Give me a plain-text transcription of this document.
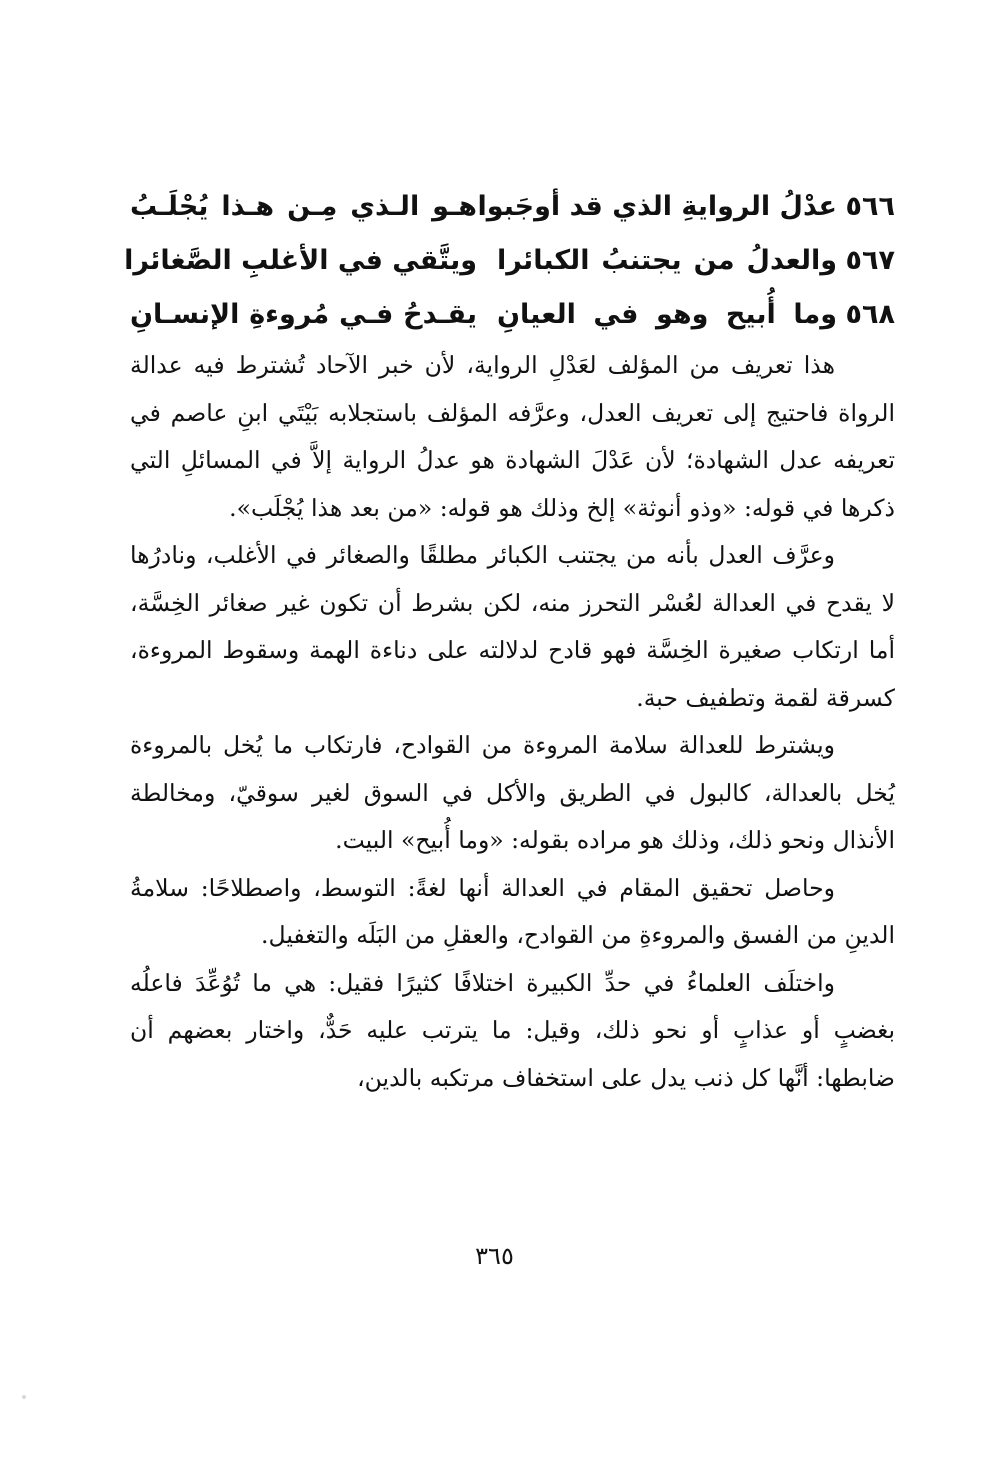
٥٦٦
عدْلُ الروايةِ الذي قد أوجَبوا
هـو الـذي مِـن هـذا يُجْلَـبُ
٥٦٧
والعدلُ من يجتنبُ الكبائرا
ويتَّقي في الأغلبِ الصَّغائرا
٥٦٨
وما أُبيح وهو في العيانِ
يقـدحُ فـي مُروءةِ الإنسـانِ

هذا تعريف من المؤلف لعَدْلِ الرواية، لأن خبر الآحاد تُشترط فيه عدالة الرواة فاحتيج إلى تعريف العدل، وعرَّفه المؤلف باستجلابه بَيْتَي ابنِ عاصم في تعريفه عدل الشهادة؛ لأن عَدْلَ الشهادة هو عدلُ الرواية إلاَّ في المسائلِ التي ذكرها في قوله: «وذو أنوثة» إلخ وذلك هو قوله: «من بعد هذا يُجْلَب».

وعرَّف العدل بأنه من يجتنب الكبائر مطلقًا والصغائر في الأغلب، ونادرُها لا يقدح في العدالة لعُسْر التحرز منه، لكن بشرط أن تكون غير صغائر الخِسَّة، أما ارتكاب صغيرة الخِسَّة فهو قادح لدلالته على دناءة الهمة وسقوط المروءة، كسرقة لقمة وتطفيف حبة.

ويشترط للعدالة سلامة المروءة من القوادح، فارتكاب ما يُخل بالمروءة يُخل بالعدالة، كالبول في الطريق والأكل في السوق لغير سوقيّ، ومخالطة الأنذال ونحو ذلك، وذلك هو مراده بقوله: «وما أُبيح» البيت.

وحاصل تحقيق المقام في العدالة أنها لغةً: التوسط، واصطلاحًا: سلامةُ الدينِ من الفسق والمروءةِ من القوادح، والعقلِ من البَلَه والتغفيل.

واختلَف العلماءُ في حدِّ الكبيرة اختلافًا كثيرًا فقيل: هي ما تُوُعِّدَ فاعلُه بغضبٍ أو عذابٍ أو نحو ذلك، وقيل: ما يترتب عليه حَدٌّ، واختار بعضهم أن ضابطها: أنَّها كل ذنب يدل على استخفاف مرتكبه بالدين،

٣٦٥
